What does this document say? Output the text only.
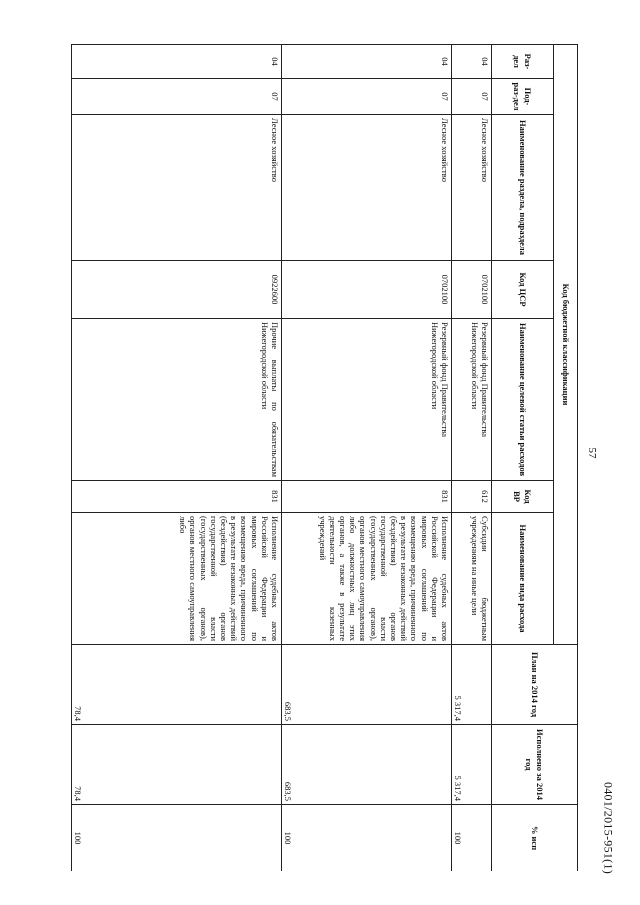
57
Код бюджетной классификации							План на 2014 год	Исполнено за 2014 год	% исп
Раз-дел	Под-раз-дел	Наименование раздела, подраздела	Код ЦСР	Наименование целевой статьи расходов	Код ВР	Наименование вида расхода			
04	07	Лесное хозяйство	0702100	Резервный фонд Правительства Нижегородской области	612	Субсидии бюджетным учреждениям на иные цели	5 317,4	5 317,4	100
04	07	Лесное хозяйство	0702100	Резервный фонд Правительства Нижегородской области	831	Исполнение судебных актов Российской Федерации и мировых соглашений по возмещению вреда, причиненного в результате незаконных действий (бездействия) органов государственной власти (государственных органов), органов местного самоуправления либо должностных лиц этих органов, а также в результате деятельности казенных учреждений	683,5	683,5	100
04	07	Лесное хозяйство	0922600	Прочие выплаты по обязательствам Нижегородской области	831	Исполнение судебных актов Российской Федерации и мировых соглашений по возмещению вреда, причиненного в результате незаконных действий (бездействия) органов государственной власти (государственных органов), органов местного самоуправления либо	78,4	78,4	100	0401/2015-951(1)
